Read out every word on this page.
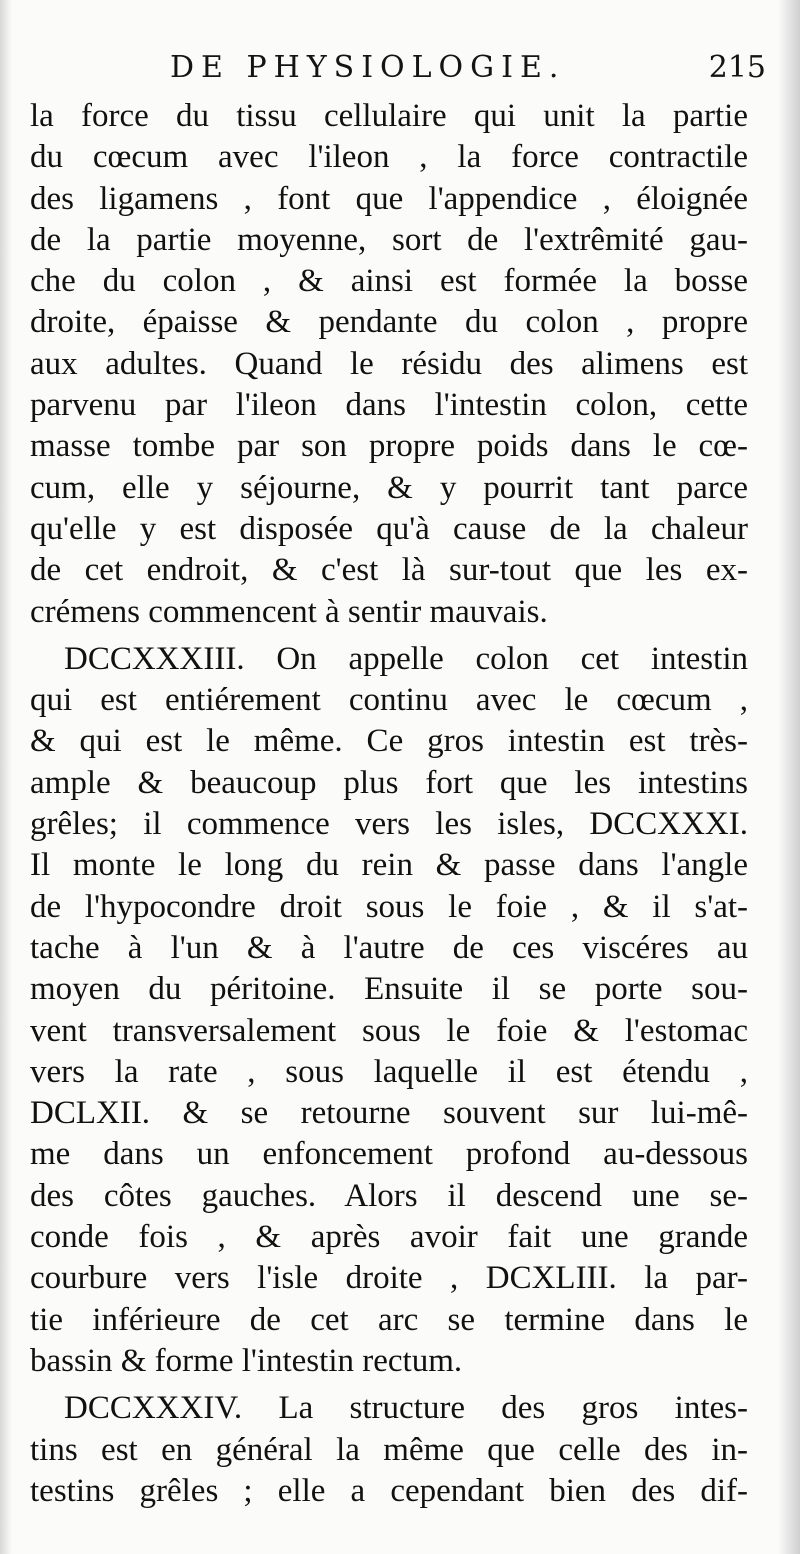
DE PHYSIOLOGIE.	215
la force du tissu cellulaire qui unit la partie
du cœcum avec l'ileon , la force contractile
des ligamens , font que l'appendice , éloignée
de la partie moyenne, sort de l'extrêmité gau-
che du colon , & ainsi est formée la bosse
droite, épaisse & pendante du colon , propre
aux adultes. Quand le résidu des alimens est
parvenu par l'ileon dans l'intestin colon, cette
masse tombe par son propre poids dans le cœ-
cum, elle y séjourne, & y pourrit tant parce
qu'elle y est disposée qu'à cause de la chaleur
de cet endroit, & c'est là sur-tout que les ex-
crémens commencent à sentir mauvais.
DCCXXXIII. On appelle colon cet intestin
qui est entiérement continu avec le cœcum ,
& qui est le même. Ce gros intestin est très-
ample & beaucoup plus fort que les intestins
grêles; il commence vers les isles, DCCXXXI.
Il monte le long du rein & passe dans l'angle
de l'hypocondre droit sous le foie , & il s'at-
tache à l'un & à l'autre de ces viscéres au
moyen du péritoine. Ensuite il se porte sou-
vent transversalement sous le foie & l'estomac
vers la rate , sous laquelle il est étendu ,
DCLXII. & se retourne souvent sur lui-mê-
me dans un enfoncement profond au-dessous
des côtes gauches. Alors il descend une se-
conde fois , & après avoir fait une grande
courbure vers l'isle droite , DCXLIII. la par-
tie inférieure de cet arc se termine dans le
bassin & forme l'intestin rectum.
DCCXXXIV. La structure des gros intes-
tins est en général la même que celle des in-
testins grêles ; elle a cependant bien des dif-
